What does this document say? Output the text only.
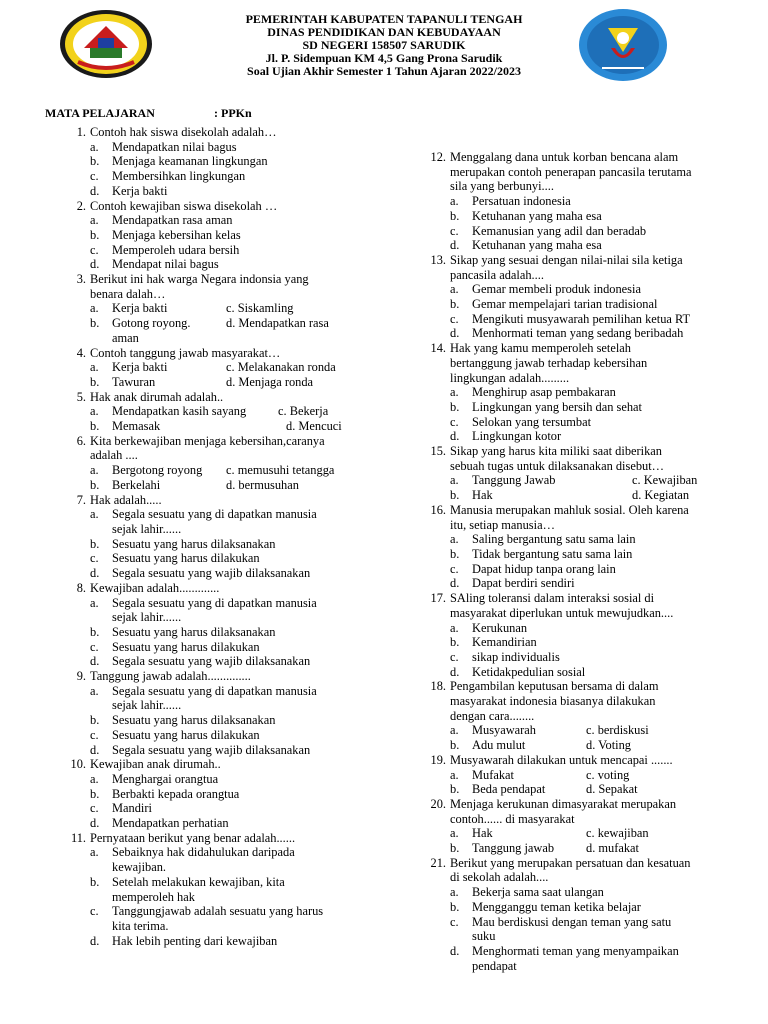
PEMERINTAH KABUPATEN TAPANULI TENGAH
DINAS PENDIDIKAN DAN KEBUDAYAAN
SD NEGERI 158507 SARUDIK
Jl. P. Sidempuan KM 4,5 Gang Prona Sarudik
Soal Ujian Akhir Semester 1 Tahun Ajaran 2022/2023
MATA PELAJARAN	: PPKn
1. Contoh hak siswa disekolah adalah…
a. Mendapatkan nilai bagus
b. Menjaga keamanan lingkungan
c. Membersihkan lingkungan
d. Kerja bakti
2. Contoh kewajiban siswa disekolah …
a. Mendapatkan rasa aman
b. Menjaga kebersihan kelas
c. Memperoleh udara bersih
d. Mendapat nilai bagus
3. Berikut ini hak warga Negara indonsia yang
benara dalah…
a. Kerja bakti	c. Siskamling
b. Gotong royong.	d. Mendapatkan rasa
aman
4. Contoh tanggung jawab masyarakat…
a. Kerja bakti	c. Melakanakan ronda
b. Tawuran	d. Menjaga ronda
5. Hak anak dirumah adalah..
a. Mendapatkan kasih sayang	c. Bekerja
b. Memasak	d. Mencuci
6. Kita berkewajiban menjaga kebersihan,caranya
adalah ....
a. Bergotong royong	c. memusuhi tetangga
b. Berkelahi	d. bermusuhan
7. Hak adalah.....
a. Segala sesuatu yang di dapatkan manusia
sejak lahir......
b. Sesuatu yang harus dilaksanakan
c. Sesuatu yang harus dilakukan
d. Segala sesuatu yang wajib dilaksanakan
8. Kewajiban adalah.............
a. Segala sesuatu yang di dapatkan manusia
sejak lahir......
b. Sesuatu yang harus dilaksanakan
c. Sesuatu yang harus dilakukan
d. Segala sesuatu yang wajib dilaksanakan
9. Tanggung jawab adalah..............
a. Segala sesuatu yang di dapatkan manusia
sejak lahir......
b. Sesuatu yang harus dilaksanakan
c. Sesuatu yang harus dilakukan
d. Segala sesuatu yang wajib dilaksanakan
10. Kewajiban anak dirumah..
a. Menghargai orangtua
b. Berbakti kepada orangtua
c. Mandiri
d. Mendapatkan perhatian
11. Pernyataan berikut yang benar adalah......
a. Sebaiknya hak didahulukan daripada
kewajiban.
b. Setelah melakukan kewajiban, kita
memperoleh hak
c. Tanggungjawab adalah sesuatu yang harus
kita terima.
d. Hak lebih penting dari kewajiban
12. Menggalang dana untuk korban bencana alam
merupakan contoh penerapan pancasila terutama
sila yang berbunyi....
a. Persatuan indonesia
b. Ketuhanan yang maha esa
c. Kemanusian yang adil dan beradab
d. Ketuhanan yang maha esa
13. Sikap yang sesuai dengan nilai-nilai sila ketiga
pancasila adalah....
a. Gemar membeli produk indonesia
b. Gemar mempelajari tarian tradisional
c. Mengikuti musyawarah pemilihan ketua RT
d. Menhormati teman yang sedang beribadah
14. Hak yang kamu memperoleh setelah
bertanggung jawab terhadap kebersihan
lingkungan adalah.........
a. Menghirup asap pembakaran
b. Lingkungan yang bersih dan sehat
c. Selokan yang tersumbat
d. Lingkungan kotor
15. Sikap yang harus kita miliki saat diberikan
sebuah tugas untuk dilaksanakan disebut…
a. Tanggung Jawab	c. Kewajiban
b. Hak	d. Kegiatan
16. Manusia merupakan mahluk sosial. Oleh karena
itu, setiap manusia…
a. Saling bergantung satu sama lain
b. Tidak bergantung satu sama lain
c. Dapat hidup tanpa orang lain
d. Dapat berdiri sendiri
17. SAling toleransi dalam interaksi sosial di
masyarakat diperlukan untuk mewujudkan....
a. Kerukunan
b. Kemandirian
c. sikap individualis
d. Ketidakpedulian sosial
18. Pengambilan keputusan bersama di dalam
masyarakat indonesia biasanya dilakukan
dengan cara........
a. Musyawarah	c. berdiskusi
b. Adu mulut	d. Voting
19. Musyawarah dilakukan untuk mencapai .......
a. Mufakat	c. voting
b. Beda pendapat	d. Sepakat
20. Menjaga kerukunan dimasyarakat merupakan
contoh...... di masyarakat
a. Hak	c. kewajiban
b. Tanggung jawab	d. mufakat
21. Berikut yang merupakan persatuan dan kesatuan
di sekolah adalah....
a. Bekerja sama saat ulangan
b. Mengganggu teman ketika belajar
c. Mau berdiskusi dengan teman yang satu
suku
d. Menghormati teman yang menyampaikan
pendapat
